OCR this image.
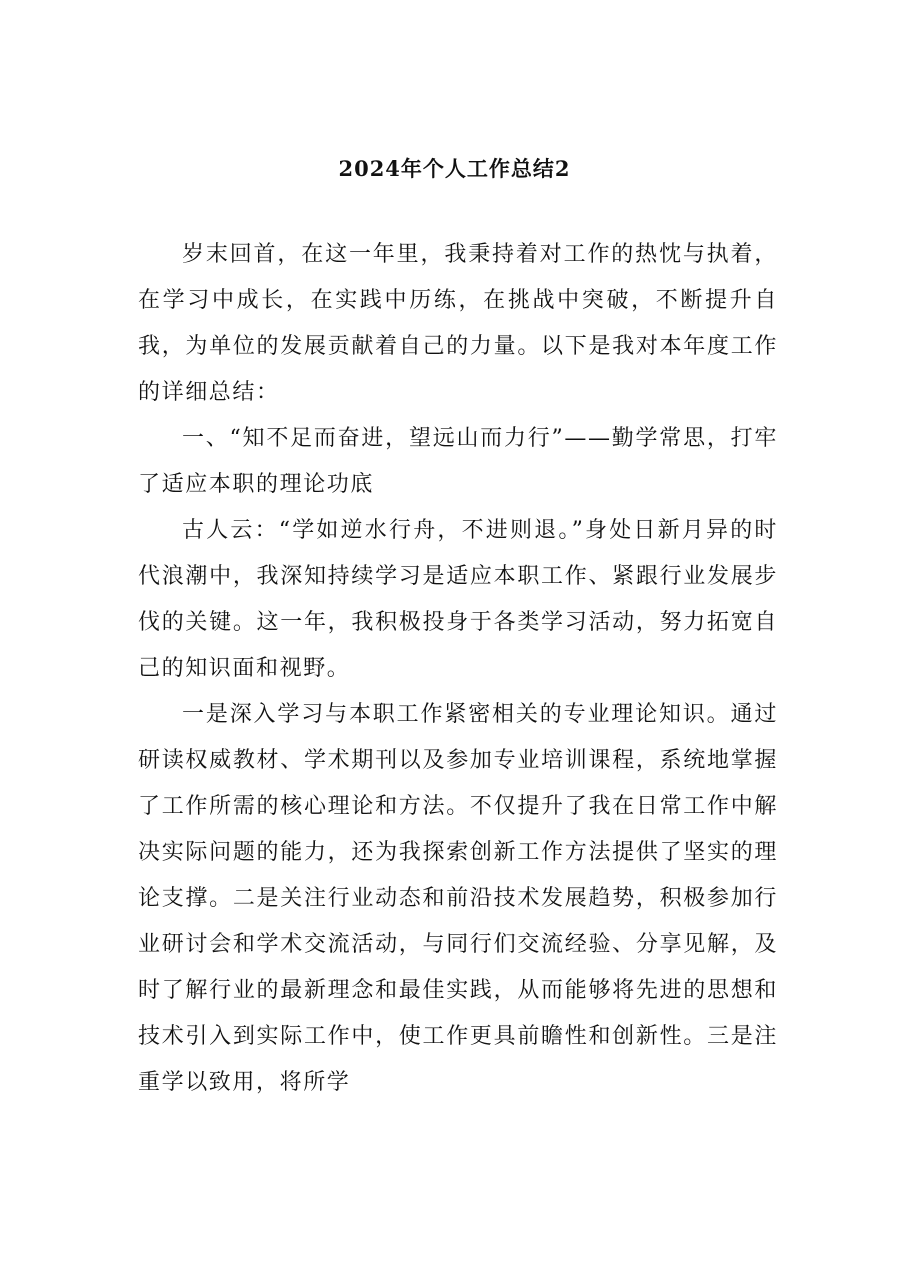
2024年个人工作总结2

岁末回首，在这一年里，我秉持着对工作的热忱与执着，在学习中成长，在实践中历练，在挑战中突破，不断提升自我，为单位的发展贡献着自己的力量。以下是我对本年度工作的详细总结：

一、“知不足而奋进，望远山而力行”——勤学常思，打牢了适应本职的理论功底

古人云：“学如逆水行舟，不进则退。”身处日新月异的时代浪潮中，我深知持续学习是适应本职工作、紧跟行业发展步伐的关键。这一年，我积极投身于各类学习活动，努力拓宽自己的知识面和视野。

一是深入学习与本职工作紧密相关的专业理论知识。通过研读权威教材、学术期刊以及参加专业培训课程，系统地掌握了工作所需的核心理论和方法。不仅提升了我在日常工作中解决实际问题的能力，还为我探索创新工作方法提供了坚实的理论支撑。二是关注行业动态和前沿技术发展趋势，积极参加行业研讨会和学术交流活动，与同行们交流经验、分享见解，及时了解行业的最新理念和最佳实践，从而能够将先进的思想和技术引入到实际工作中，使工作更具前瞻性和创新性。三是注重学以致用，将所学
